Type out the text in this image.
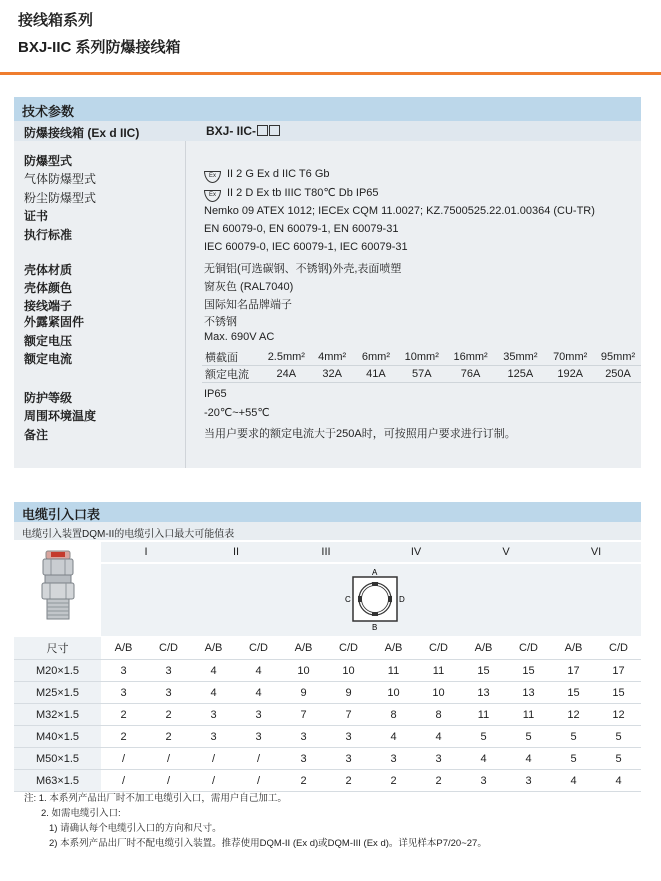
接线箱系列
BXJ-IIC 系列防爆接线箱
技术参数
防爆接线箱 (Ex d IIC)	BXJ- IIC-
防爆型式
气体防爆型式	Ex II 2 G Ex d IIC T6 Gb
粉尘防爆型式	Ex II 2 D Ex tb IIIC T80℃ Db IP65
证书	Nemko 09 ATEX 1012; IECEx CQM 11.0027; KZ.7500525.22.01.00364 (CU-TR)
执行标准	EN 60079-0, EN 60079-1, EN 60079-31
IEC 60079-0, IEC 60079-1, IEC 60079-31
壳体材质	无铜铝(可选碳钢、不锈钢)外壳,表面喷塑
壳体颜色	窗灰色 (RAL7040)
接线端子	国际知名品牌端子
外露紧固件	不锈钢
额定电压	Max. 690V AC
额定电流	横截面	2.5mm²	4mm²	6mm²	10mm²	16mm²	35mm²	70mm²	95mm²
额定电流	24A	32A	41A	57A	76A	125A	192A	250A
防护等级	IP65
周围环境温度	-20℃~+55℃
备注	当用户要求的额定电流大于250A时，可按照用户要求进行订制。
电缆引入口表
电缆引入装置DQM-II的电缆引入口最大可能值表
	I		II		III		IV		V		VI	

A
B
C D											

尺寸	A/B	C/D	A/B	C/D	A/B	C/D	A/B	C/D	A/B	C/D	A/B	C/D
M20×1.5	3	3	4	4	10	10	11	11	15	15	17	17
M25×1.5	3	3	4	4	9	9	10	10	13	13	15	15
M32×1.5	2	2	3	3	7	7	8	8	11	11	12	12
M40×1.5	2	2	3	3	3	3	4	4	5	5	5	5
M50×1.5	/	/	/	/	3	3	3	3	4	4	5	5
M63×1.5	/	/	/	/	2	2	2	2	3	3	4	4
注: 1. 本系列产品出厂时不加工电缆引入口，需用户自己加工。
2. 如需电缆引入口:
1) 请确认每个电缆引入口的方向和尺寸。
2) 本系列产品出厂时不配电缆引入装置。推荐使用DQM-II (Ex d)或DQM-III (Ex d)。详见样本P7/20~27。
